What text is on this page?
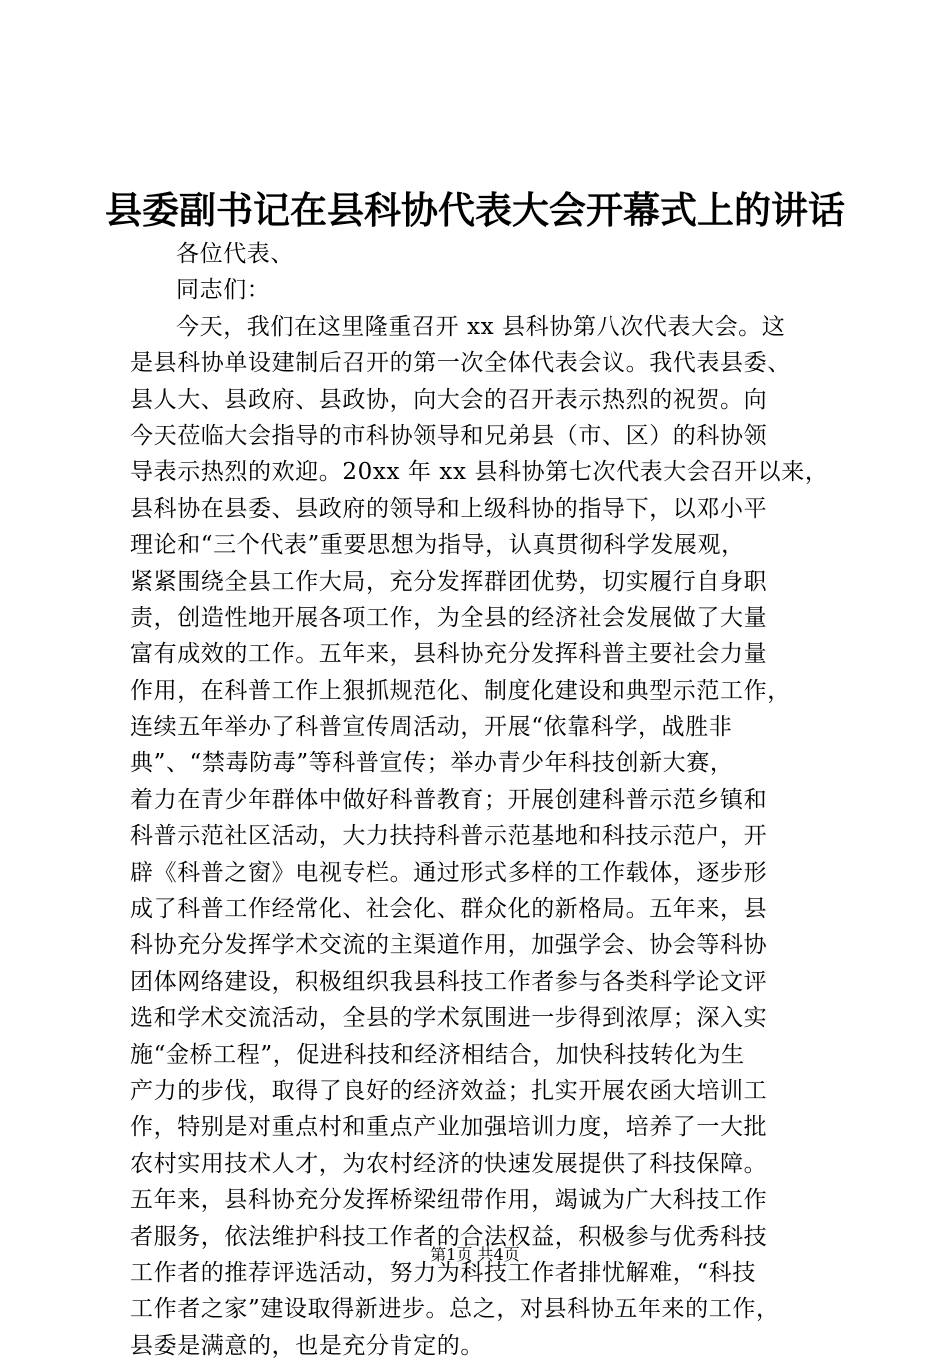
县委副书记在县科协代表大会开幕式上的讲话
各位代表、
同志们：
今天，我们在这里隆重召开 xx 县科协第八次代表大会。这
是县科协单设建制后召开的第一次全体代表会议。我代表县委、
县人大、县政府、县政协，向大会的召开表示热烈的祝贺。向
今天莅临大会指导的市科协领导和兄弟县（市、区）的科协领
导表示热烈的欢迎。20xx 年 xx 县科协第七次代表大会召开以来，
县科协在县委、县政府的领导和上级科协的指导下，以邓小平
理论和“三个代表”重要思想为指导，认真贯彻科学发展观，
紧紧围绕全县工作大局，充分发挥群团优势，切实履行自身职
责，创造性地开展各项工作，为全县的经济社会发展做了大量
富有成效的工作。五年来，县科协充分发挥科普主要社会力量
作用，在科普工作上狠抓规范化、制度化建设和典型示范工作，
连续五年举办了科普宣传周活动，开展“依靠科学，战胜非
典”、“禁毒防毒”等科普宣传；举办青少年科技创新大赛，
着力在青少年群体中做好科普教育；开展创建科普示范乡镇和
科普示范社区活动，大力扶持科普示范基地和科技示范户，开
辟《科普之窗》电视专栏。通过形式多样的工作载体，逐步形
成了科普工作经常化、社会化、群众化的新格局。五年来，县
科协充分发挥学术交流的主渠道作用，加强学会、协会等科协
团体网络建设，积极组织我县科技工作者参与各类科学论文评
选和学术交流活动，全县的学术氛围进一步得到浓厚；深入实
施“金桥工程”，促进科技和经济相结合，加快科技转化为生
产力的步伐，取得了良好的经济效益；扎实开展农函大培训工
作，特别是对重点村和重点产业加强培训力度，培养了一大批
农村实用技术人才，为农村经济的快速发展提供了科技保障。
五年来，县科协充分发挥桥梁纽带作用，竭诚为广大科技工作
者服务，依法维护科技工作者的合法权益，积极参与优秀科技
工作者的推荐评选活动，努力为科技工作者排忧解难，“科技
工作者之家”建设取得新进步。总之，对县科协五年来的工作，
县委是满意的，也是充分肯定的。
第1页 共4页
